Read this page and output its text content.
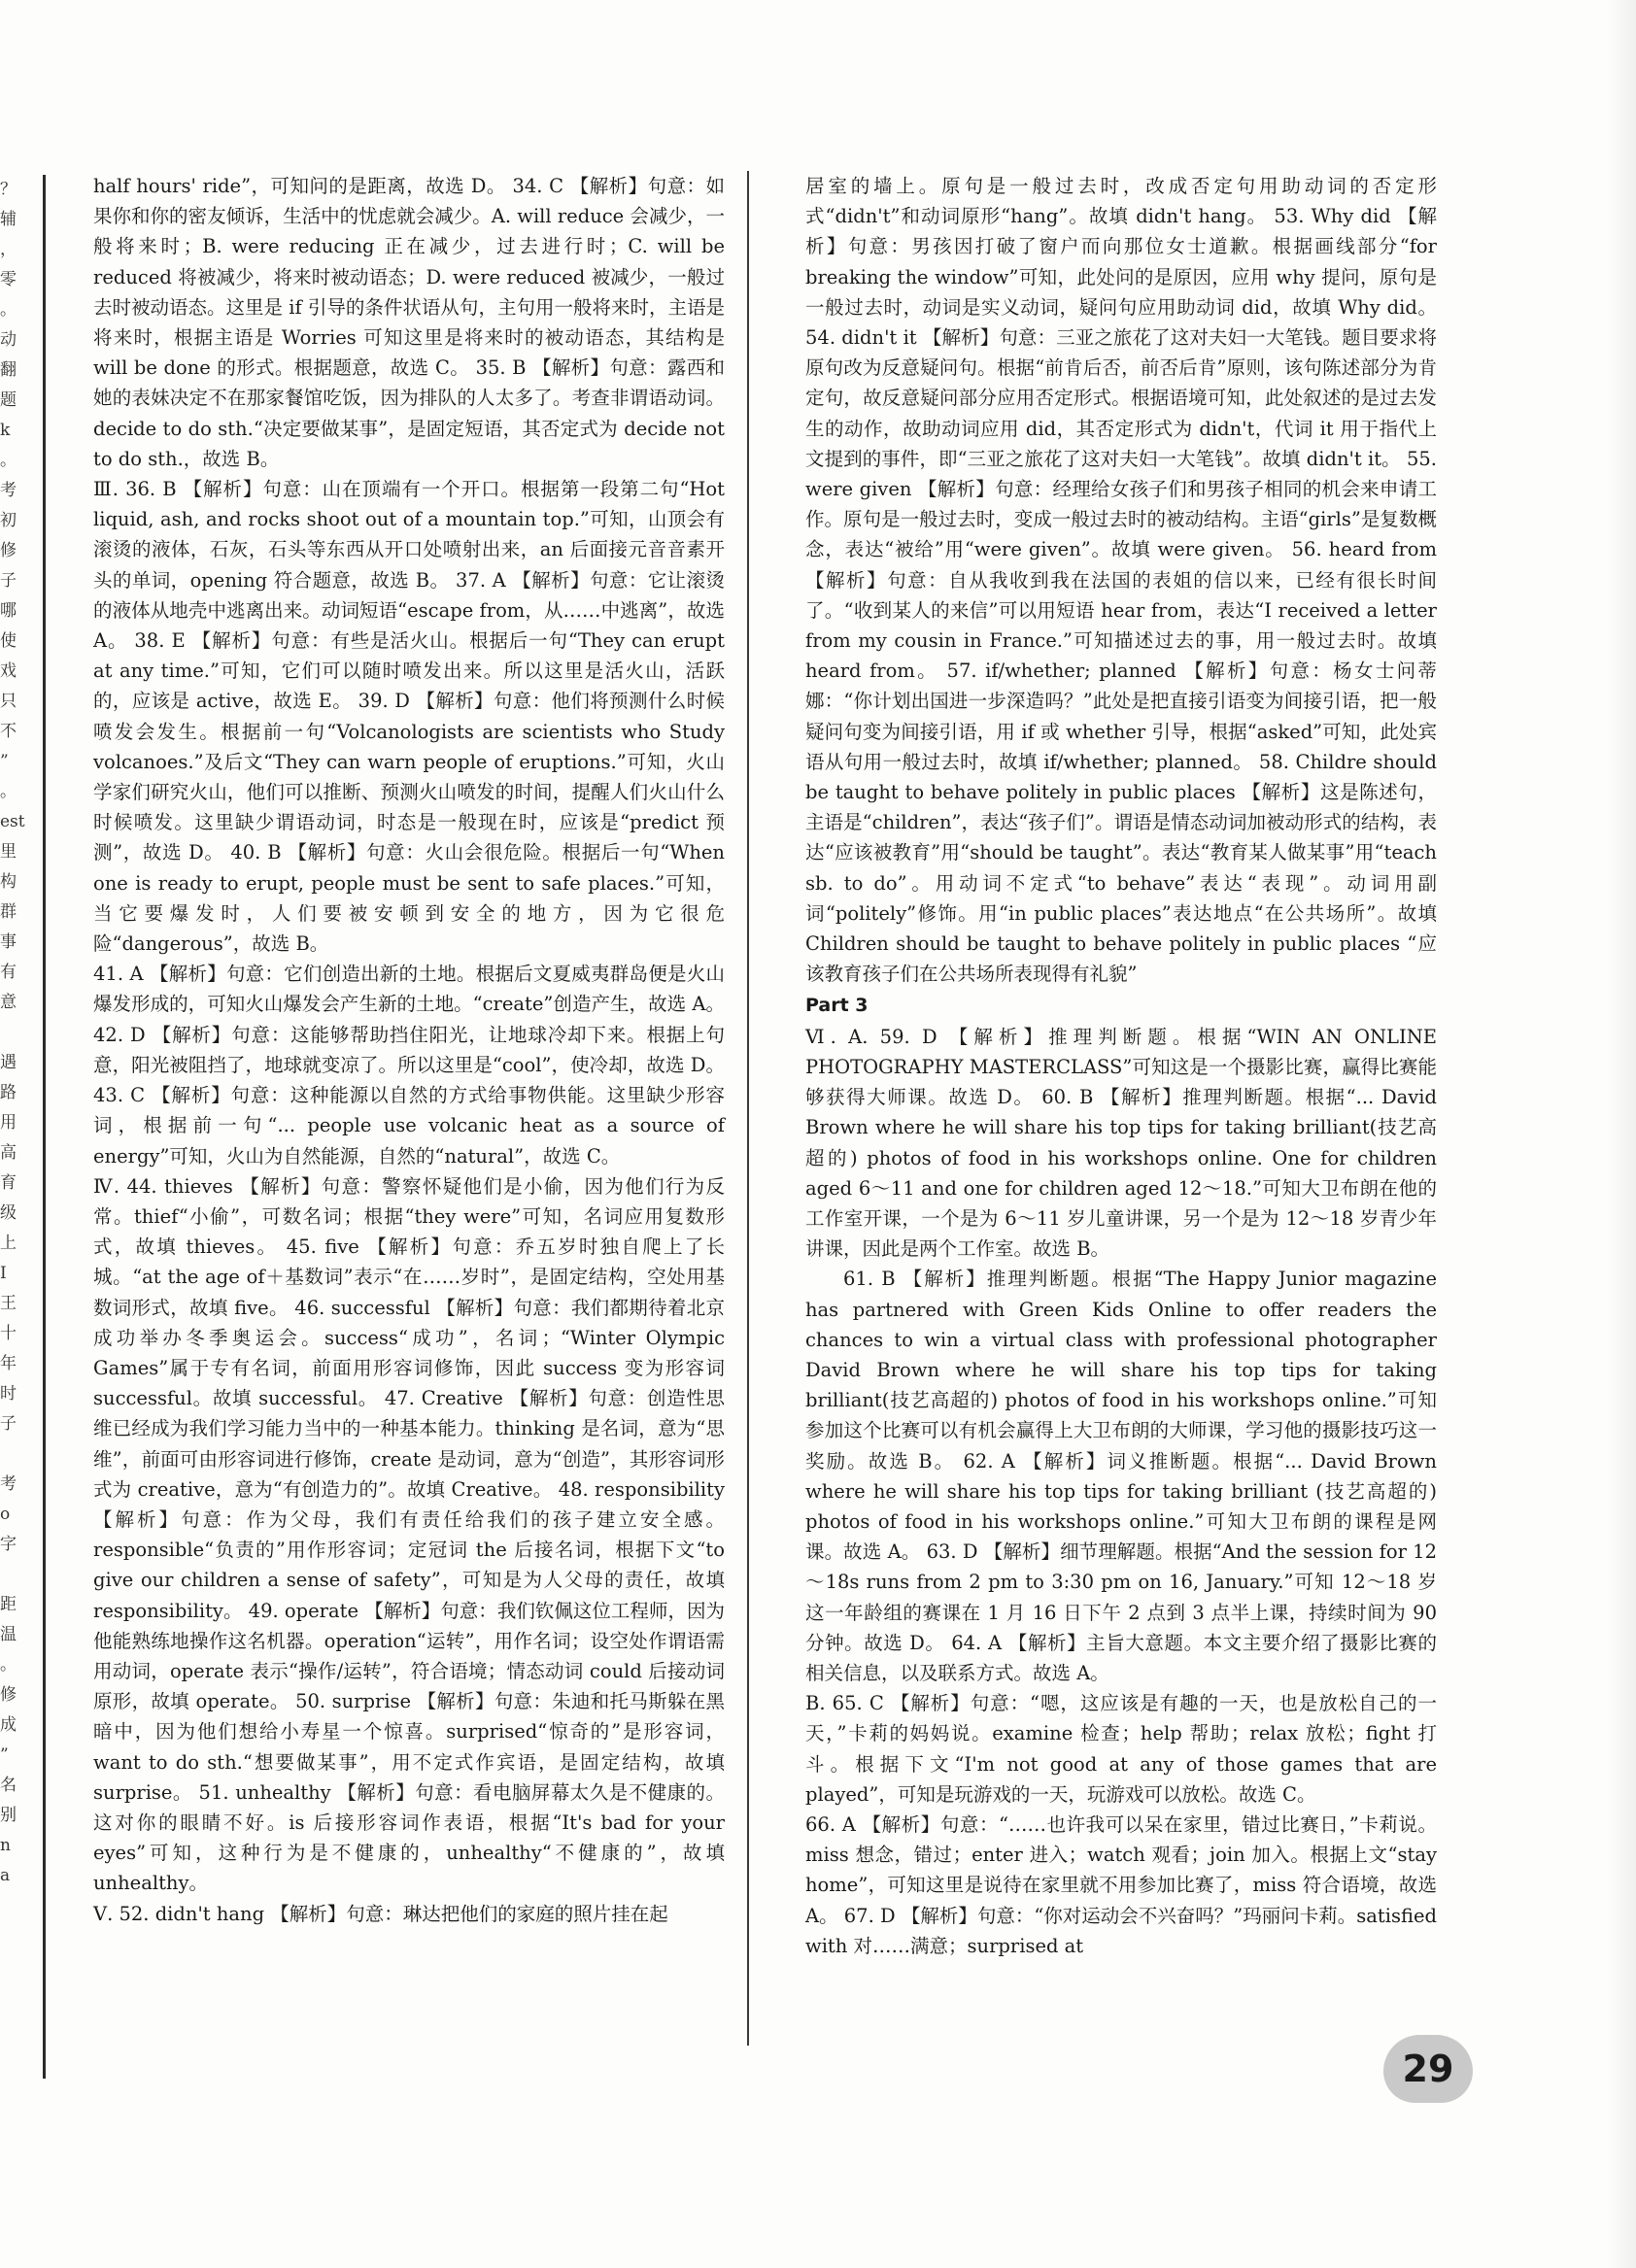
？
辅
，
零
。
动
翻
题
k
。
考
初
修
子
哪
使
戏
只
不
”
。
est
里
构
群
事
有
意

遇
路
用
高
育
级
上
I
王
十
年
时
子

考
o
字

距
温
。
修
成
”
名
别
n
a

half hours' ride”，可知问的是距离，故选 D。 34. C 【解析】句意：如果你和你的密友倾诉，生活中的忧虑就会减少。A. will reduce 会减少，一般将来时；B. were reducing 正在减少，过去进行时；C. will be reduced 将被减少，将来时被动语态；D. were reduced 被减少，一般过去时被动语态。这里是 if 引导的条件状语从句，主句用一般将来时，主语是将来时，根据主语是 Worries 可知这里是将来时的被动语态，其结构是 will be done 的形式。根据题意，故选 C。 35. B 【解析】句意：露西和她的表妹决定不在那家餐馆吃饭，因为排队的人太多了。考查非谓语动词。decide to do sth.“决定要做某事”，是固定短语，其否定式为 decide not to do sth.，故选 B。

Ⅲ. 36. B 【解析】句意：山在顶端有一个开口。根据第一段第二句“Hot liquid, ash, and rocks shoot out of a mountain top.”可知，山顶会有滚烫的液体，石灰，石头等东西从开口处喷射出来，an 后面接元音音素开头的单词，opening 符合题意，故选 B。 37. A 【解析】句意：它让滚烫的液体从地壳中逃离出来。动词短语“escape from，从……中逃离”，故选 A。 38. E 【解析】句意：有些是活火山。根据后一句“They can erupt at any time.”可知，它们可以随时喷发出来。所以这里是活火山，活跃的，应该是 active，故选 E。 39. D 【解析】句意：他们将预测什么时候喷发会发生。根据前一句“Volcanologists are scientists who Study volcanoes.”及后文“They can warn people of eruptions.”可知，火山学家们研究火山，他们可以推断、预测火山喷发的时间，提醒人们火山什么时候喷发。这里缺少谓语动词，时态是一般现在时，应该是“predict 预测”，故选 D。 40. B 【解析】句意：火山会很危险。根据后一句“When one is ready to erupt, people must be sent to safe places.”可知，当它要爆发时，人们要被安顿到安全的地方，因为它很危险“dangerous”，故选 B。

41. A 【解析】句意：它们创造出新的土地。根据后文夏威夷群岛便是火山爆发形成的，可知火山爆发会产生新的土地。“create”创造产生，故选 A。 42. D 【解析】句意：这能够帮助挡住阳光，让地球冷却下来。根据上句意，阳光被阻挡了，地球就变凉了。所以这里是“cool”，使冷却，故选 D。 43. C 【解析】句意：这种能源以自然的方式给事物供能。这里缺少形容词，根据前一句“... people use volcanic heat as a source of energy”可知，火山为自然能源，自然的“natural”，故选 C。

Ⅳ. 44. thieves 【解析】句意：警察怀疑他们是小偷，因为他们行为反常。thief“小偷”，可数名词；根据“they were”可知，名词应用复数形式，故填 thieves。 45. five 【解析】句意：乔五岁时独自爬上了长城。“at the age of＋基数词”表示“在……岁时”，是固定结构，空处用基数词形式，故填 five。 46. successful 【解析】句意：我们都期待着北京成功举办冬季奥运会。success“成功”，名词；“Winter Olympic Games”属于专有名词，前面用形容词修饰，因此 success 变为形容词 successful。故填 successful。 47. Creative 【解析】句意：创造性思维已经成为我们学习能力当中的一种基本能力。thinking 是名词，意为“思维”，前面可由形容词进行修饰，create 是动词，意为“创造”，其形容词形式为 creative，意为“有创造力的”。故填 Creative。 48. responsibility 【解析】句意：作为父母，我们有责任给我们的孩子建立安全感。responsible“负责的”用作形容词；定冠词 the 后接名词，根据下文“to give our children a sense of safety”，可知是为人父母的责任，故填 responsibility。 49. operate 【解析】句意：我们钦佩这位工程师，因为他能熟练地操作这名机器。operation“运转”，用作名词；设空处作谓语需用动词，operate 表示“操作/运转”，符合语境；情态动词 could 后接动词原形，故填 operate。 50. surprise 【解析】句意：朱迪和托马斯躲在黑暗中，因为他们想给小寿星一个惊喜。surprised“惊奇的”是形容词，want to do sth.“想要做某事”，用不定式作宾语，是固定结构，故填 surprise。 51. unhealthy 【解析】句意：看电脑屏幕太久是不健康的。这对你的眼睛不好。is 后接形容词作表语，根据“It's bad for your eyes”可知，这种行为是不健康的，unhealthy“不健康的”，故填 unhealthy。

Ⅴ. 52. didn't hang 【解析】句意：琳达把他们的家庭的照片挂在起

居室的墙上。原句是一般过去时，改成否定句用助动词的否定形式“didn't”和动词原形“hang”。故填 didn't hang。 53. Why did 【解析】句意：男孩因打破了窗户而向那位女士道歉。根据画线部分“for breaking the window”可知，此处问的是原因，应用 why 提问，原句是一般过去时，动词是实义动词，疑问句应用助动词 did，故填 Why did。 54. didn't it 【解析】句意：三亚之旅花了这对夫妇一大笔钱。题目要求将原句改为反意疑问句。根据“前肯后否，前否后肯”原则，该句陈述部分为肯定句，故反意疑问部分应用否定形式。根据语境可知，此处叙述的是过去发生的动作，故助动词应用 did，其否定形式为 didn't，代词 it 用于指代上文提到的事件，即“三亚之旅花了这对夫妇一大笔钱”。故填 didn't it。 55. were given 【解析】句意：经理给女孩子们和男孩子相同的机会来申请工作。原句是一般过去时，变成一般过去时的被动结构。主语“girls”是复数概念，表达“被给”用“were given”。故填 were given。 56. heard from 【解析】句意：自从我收到我在法国的表姐的信以来，已经有很长时间了。“收到某人的来信”可以用短语 hear from，表达“I received a letter from my cousin in France.”可知描述过去的事，用一般过去时。故填 heard from。 57. if/whether; planned 【解析】句意：杨女士问蒂娜：“你计划出国进一步深造吗？”此处是把直接引语变为间接引语，把一般疑问句变为间接引语，用 if 或 whether 引导，根据“asked”可知，此处宾语从句用一般过去时，故填 if/whether; planned。 58. Childre should be taught to behave politely in public places 【解析】这是陈述句，主语是“children”，表达“孩子们”。谓语是情态动词加被动形式的结构，表达“应该被教育”用“should be taught”。表达“教育某人做某事”用“teach sb. to do”。用动词不定式“to behave”表达“表现”。动词用副词“politely”修饰。用“in public places”表达地点“在公共场所”。故填 Children should be taught to behave politely in public places “应该教育孩子们在公共场所表现得有礼貌”

Part 3

Ⅵ. A. 59. D 【解析】推理判断题。根据“WIN AN ONLINE PHOTOGRAPHY MASTERCLASS”可知这是一个摄影比赛，赢得比赛能够获得大师课。故选 D。 60. B 【解析】推理判断题。根据“... David Brown where he will share his top tips for taking brilliant(技艺高超的) photos of food in his workshops online. One for children aged 6～11 and one for children aged 12～18.”可知大卫布朗在他的工作室开课，一个是为 6～11 岁儿童讲课，另一个是为 12～18 岁青少年讲课，因此是两个工作室。故选 B。

61. B 【解析】推理判断题。根据“The Happy Junior magazine has partnered with Green Kids Online to offer readers the chances to win a virtual class with professional photographer David Brown where he will share his top tips for taking brilliant(技艺高超的) photos of food in his workshops online.”可知参加这个比赛可以有机会赢得上大卫布朗的大师课，学习他的摄影技巧这一奖励。故选 B。 62. A 【解析】词义推断题。根据“... David Brown where he will share his top tips for taking brilliant (技艺高超的) photos of food in his workshops online.”可知大卫布朗的课程是网课。故选 A。 63. D 【解析】细节理解题。根据“And the session for 12～18s runs from 2 pm to 3:30 pm on 16, January.”可知 12～18 岁这一年龄组的赛课在 1 月 16 日下午 2 点到 3 点半上课，持续时间为 90 分钟。故选 D。 64. A 【解析】主旨大意题。本文主要介绍了摄影比赛的相关信息，以及联系方式。故选 A。

B. 65. C 【解析】句意：“嗯，这应该是有趣的一天，也是放松自己的一天，”卡莉的妈妈说。examine 检查；help 帮助；relax 放松；fight 打斗。根据下文“I'm not good at any of those games that are played”，可知是玩游戏的一天，玩游戏可以放松。故选 C。

66. A 【解析】句意：“……也许我可以呆在家里，错过比赛日，”卡莉说。miss 想念，错过；enter 进入；watch 观看；join 加入。根据上文“stay home”，可知这里是说待在家里就不用参加比赛了，miss 符合语境，故选 A。 67. D 【解析】句意：“你对运动会不兴奋吗？”玛丽问卡莉。satisfied with 对……满意；surprised at

29
